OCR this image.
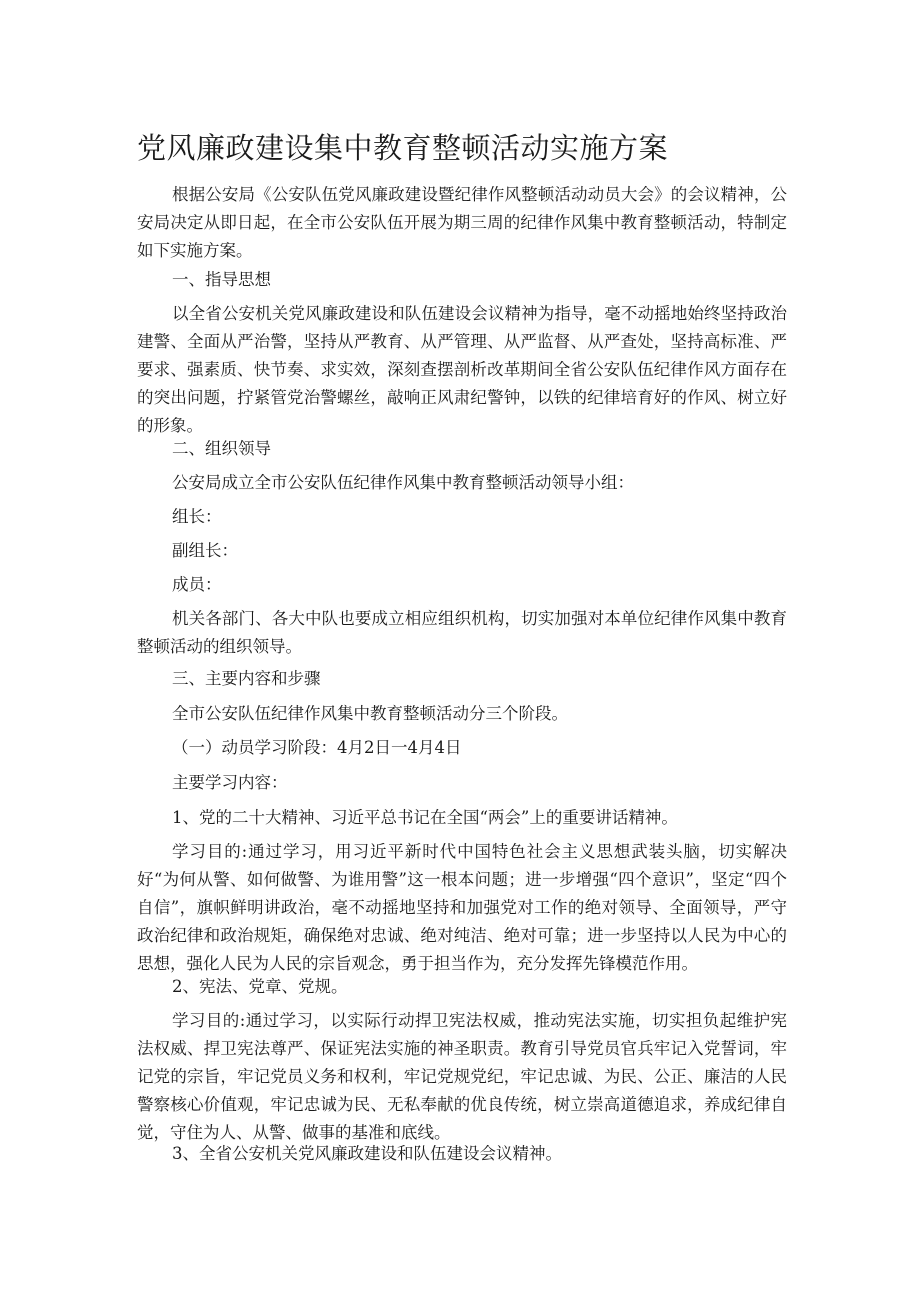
党风廉政建设集中教育整顿活动实施方案

根据公安局《公安队伍党风廉政建设暨纪律作风整顿活动动员大会》的会议精神，公安局决定从即日起，在全市公安队伍开展为期三周的纪律作风集中教育整顿活动，特制定如下实施方案。

一、指导思想

以全省公安机关党风廉政建设和队伍建设会议精神为指导，毫不动摇地始终坚持政治建警、全面从严治警，坚持从严教育、从严管理、从严监督、从严查处，坚持高标准、严要求、强素质、快节奏、求实效，深刻查摆剖析改革期间全省公安队伍纪律作风方面存在的突出问题，拧紧管党治警螺丝，敲响正风肃纪警钟，以铁的纪律培育好的作风、树立好的形象。

二、组织领导

公安局成立全市公安队伍纪律作风集中教育整顿活动领导小组：

组长：

副组长：

成员：

机关各部门、各大中队也要成立相应组织机构，切实加强对本单位纪律作风集中教育整顿活动的组织领导。

三、主要内容和步骤

全市公安队伍纪律作风集中教育整顿活动分三个阶段。

（一）动员学习阶段：4月2日一4月4日

主要学习内容：

1、党的二十大精神、习近平总书记在全国“两会”上的重要讲话精神。

学习目的:通过学习，用习近平新时代中国特色社会主义思想武装头脑，切实解决好“为何从警、如何做警、为谁用警”这一根本问题；进一步增强“四个意识”，坚定“四个自信”，旗帜鲜明讲政治，毫不动摇地坚持和加强党对工作的绝对领导、全面领导，严守政治纪律和政治规矩，确保绝对忠诚、绝对纯洁、绝对可靠；进一步坚持以人民为中心的思想，强化人民为人民的宗旨观念，勇于担当作为，充分发挥先锋模范作用。

2、宪法、党章、党规。

学习目的:通过学习，以实际行动捍卫宪法权威，推动宪法实施，切实担负起维护宪法权威、捍卫宪法尊严、保证宪法实施的神圣职责。教育引导党员官兵牢记入党誓词，牢记党的宗旨，牢记党员义务和权利，牢记党规党纪，牢记忠诚、为民、公正、廉洁的人民警察核心价值观，牢记忠诚为民、无私奉献的优良传统，树立崇高道德追求，养成纪律自觉，守住为人、从警、做事的基准和底线。

3、全省公安机关党风廉政建设和队伍建设会议精神。
